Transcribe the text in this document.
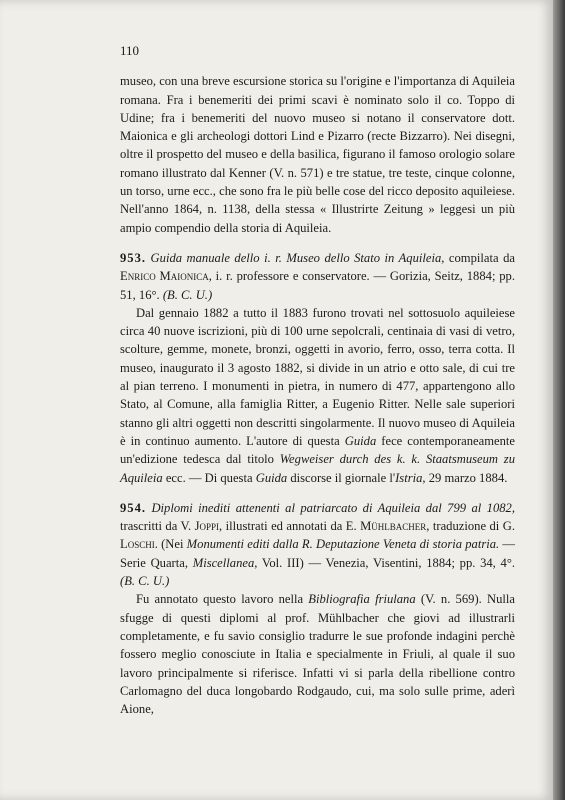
110

museo, con una breve escursione storica su l'origine e l'importanza di Aquileia romana. Fra i benemeriti dei primi scavi è nominato solo il co. Toppo di Udine; fra i benemeriti del nuovo museo si notano il conservatore dott. Maionica e gli archeologi dottori Lind e Pizarro (recte Bizzarro). Nei disegni, oltre il prospetto del museo e della basilica, figurano il famoso orologio solare romano illustrato dal Kenner (V. n. 571) e tre statue, tre teste, cinque colonne, un torso, urne ecc., che sono fra le più belle cose del ricco deposito aquileiese. Nell'anno 1864, n. 1138, della stessa « Illustrirte Zeitung » leggesi un più ampio compendio della storia di Aquileia.

953. Guida manuale dello i. r. Museo dello Stato in Aquileia, compilata da Enrico Maionica, i. r. professore e conservatore. — Gorizia, Seitz, 1884; pp. 51, 16°. (B. C. U.)

Dal gennaio 1882 a tutto il 1883 furono trovati nel sottosuolo aquileiese circa 40 nuove iscrizioni, più di 100 urne sepolcrali, centinaia di vasi di vetro, scolture, gemme, monete, bronzi, oggetti in avorio, ferro, osso, terra cotta. Il museo, inaugurato il 3 agosto 1882, si divide in un atrio e otto sale, di cui tre al pian terreno. I monumenti in pietra, in numero di 477, appartengono allo Stato, al Comune, alla famiglia Ritter, a Eugenio Ritter. Nelle sale superiori stanno gli altri oggetti non descritti singolarmente. Il nuovo museo di Aquileia è in continuo aumento. L'autore di questa Guida fece contemporaneamente un'edizione tedesca dal titolo Wegweiser durch des k. k. Staatsmuseum zu Aquileia ecc. — Di questa Guida discorse il giornale l'Istria, 29 marzo 1884.

954. Diplomi inediti attenenti al patriarcato di Aquileia dal 799 al 1082, trascritti da V. Joppi, illustrati ed annotati da E. Mühlbacher, traduzione di G. Loschi. (Nei Monumenti editi dalla R. Deputazione Veneta di storia patria. — Serie Quarta, Miscellanea, Vol. III) — Venezia, Visentini, 1884; pp. 34, 4°. (B. C. U.)

Fu annotato questo lavoro nella Bibliografia friulana (V. n. 569). Nulla sfugge di questi diplomi al prof. Mühlbacher che giovi ad illustrarli completamente, e fu savio consiglio tradurre le sue profonde indagini perchè fossero meglio conosciute in Italia e specialmente in Friuli, al quale il suo lavoro principalmente si riferisce. Infatti vi si parla della ribellione contro Carlomagno del duca longobardo Rodgaudo, cui, ma solo sulle prime, aderì Aione,
